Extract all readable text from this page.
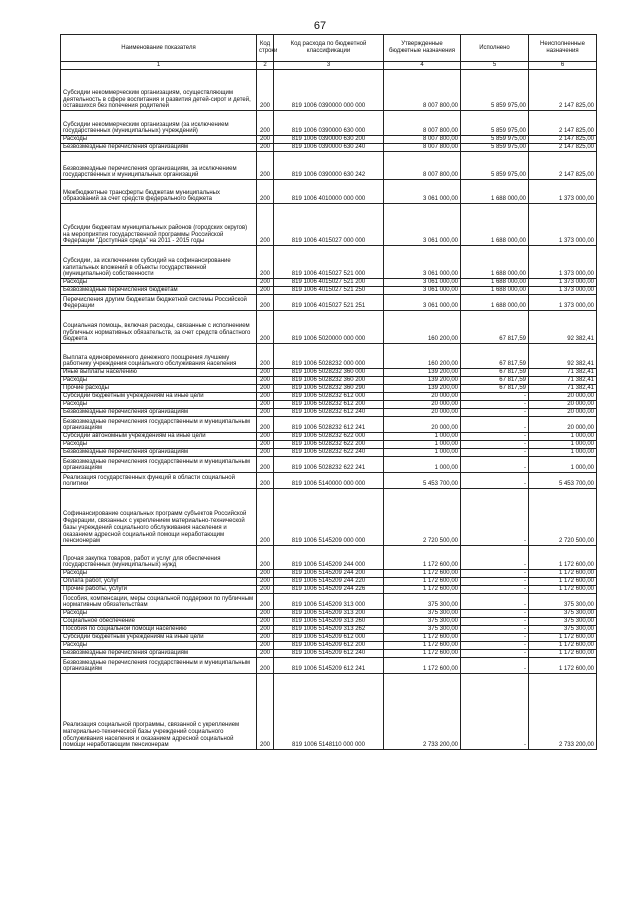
67
Наименование показателя	Код строки	Код расхода по бюджетной классификации	Утвержденные бюджетные назначения	Исполнено	Неисполненные назначения
1	2	3	4	5	6
Субсидии некоммерческим организациям, осуществляющим деятельность в сфере воспитания и развития детей-сирот и детей, оставшихся без попечения родителей	200	819 1006 0390000 000 000	8 007 800,00	5 859 975,00	2 147 825,00
Субсидии некоммерческим организациям (за исключением государственных (муниципальных) учреждений)	200	819 1006 0390000 630 000	8 007 800,00	5 859 975,00	2 147 825,00
Расходы	200	819 1006 0390000 630 200	8 007 800,00	5 859 975,00	2 147 825,00
Безвозмездные перечисления организациям	200	819 1006 0390000 630 240	8 007 800,00	5 859 975,00	2 147 825,00
Безвозмездные перечисления организациям, за исключением государственных и муниципальных организаций	200	819 1006 0390000 630 242	8 007 800,00	5 859 975,00	2 147 825,00
Межбюджетные трансферты бюджетам муниципальных образований за счет средств федерального бюджета	200	819 1006 4010000 000 000	3 061 000,00	1 688 000,00	1 373 000,00
Субсидии бюджетам муниципальных районов (городских округов) на мероприятия государственной программы Российской Федерации "Доступная среда" на 2011 - 2015 годы	200	819 1006 4015027 000 000	3 061 000,00	1 688 000,00	1 373 000,00
Субсидии, за исключением субсидий на софинансирование капитальных вложений в объекты государственной (муниципальной) собственности	200	819 1006 4015027 521 000	3 061 000,00	1 688 000,00	1 373 000,00
Расходы	200	819 1006 4015027 521 200	3 061 000,00	1 688 000,00	1 373 000,00
Безвозмездные перечисления бюджетам	200	819 1006 4015027 521 250	3 061 000,00	1 688 000,00	1 373 000,00
Перечисления другим бюджетам бюджетной системы Российской Федерации	200	819 1006 4015027 521 251	3 061 000,00	1 688 000,00	1 373 000,00
Социальная помощь, включая расходы, связанные с исполнением публичных нормативных обязательств, за счет средств областного бюджета	200	819 1006 5020000 000 000	160 200,00	67 817,59	92 382,41
Выплата единовременного денежного поощрения лучшему работнику учреждения социального обслуживания населения	200	819 1006 5028232 000 000	160 200,00	67 817,59	92 382,41
Иные выплаты населению	200	819 1006 5028232 360 000	139 200,00	67 817,59	71 382,41
Расходы	200	819 1006 5028232 360 200	139 200,00	67 817,59	71 382,41
Прочие расходы	200	819 1006 5028232 360 290	139 200,00	67 817,59	71 382,41
Субсидии бюджетным учреждениям на иные цели	200	819 1006 5028232 612 000	20 000,00	-	20 000,00
Расходы	200	819 1006 5028232 612 200	20 000,00	-	20 000,00
Безвозмездные перечисления организациям	200	819 1006 5028232 612 240	20 000,00	-	20 000,00
Безвозмездные перечисления государственным и муниципальным организациям	200	819 1006 5028232 612 241	20 000,00	-	20 000,00
Субсидии автономным учреждениям на иные цели	200	819 1006 5028232 622 000	1 000,00	-	1 000,00
Расходы	200	819 1006 5028232 622 200	1 000,00	-	1 000,00
Безвозмездные перечисления организациям	200	819 1006 5028232 622 240	1 000,00	-	1 000,00
Безвозмездные перечисления государственным и муниципальным организациям	200	819 1006 5028232 622 241	1 000,00	-	1 000,00
Реализация государственных функций в области социальной политики	200	819 1006 5140000 000 000	5 453 700,00	-	5 453 700,00
Софинансирование социальных программ субъектов Российской Федерации, связанных с укреплением материально-технической базы учреждений социального обслуживания населения и оказанием адресной социальной помощи неработающим пенсионерам	200	819 1006 5145209 000 000	2 720 500,00	-	2 720 500,00
Прочая закупка товаров, работ и услуг для обеспечения государственных (муниципальных) нужд	200	819 1006 5145209 244 000	1 172 600,00	-	1 172 600,00
Расходы	200	819 1006 5145209 244 200	1 172 600,00	-	1 172 600,00
Оплата работ, услуг	200	819 1006 5145209 244 220	1 172 600,00	-	1 172 600,00
Прочие работы, услуги	200	819 1006 5145209 244 226	1 172 600,00	-	1 172 600,00
Пособия, компенсации, меры социальной поддержки по публичным нормативным обязательствам	200	819 1006 5145209 313 000	375 300,00	-	375 300,00
Расходы	200	819 1006 5145209 313 200	375 300,00	-	375 300,00
Социальное обеспечение	200	819 1006 5145209 313 260	375 300,00	-	375 300,00
Пособия по социальной помощи населению	200	819 1006 5145209 313 262	375 300,00	-	375 300,00
Субсидии бюджетным учреждениям на иные цели	200	819 1006 5145209 612 000	1 172 600,00	-	1 172 600,00
Расходы	200	819 1006 5145209 612 200	1 172 600,00	-	1 172 600,00
Безвозмездные перечисления организациям	200	819 1006 5145209 612 240	1 172 600,00	-	1 172 600,00
Безвозмездные перечисления государственным и муниципальным организациям	200	819 1006 5145209 612 241	1 172 600,00	-	1 172 600,00
Реализация социальной программы, связанной с укреплением материально-технической базы учреждений социального обслуживания населения и оказанием адресной социальной помощи неработающим пенсионерам	200	819 1006 5148110 000 000	2 733 200,00	-	2 733 200,00
